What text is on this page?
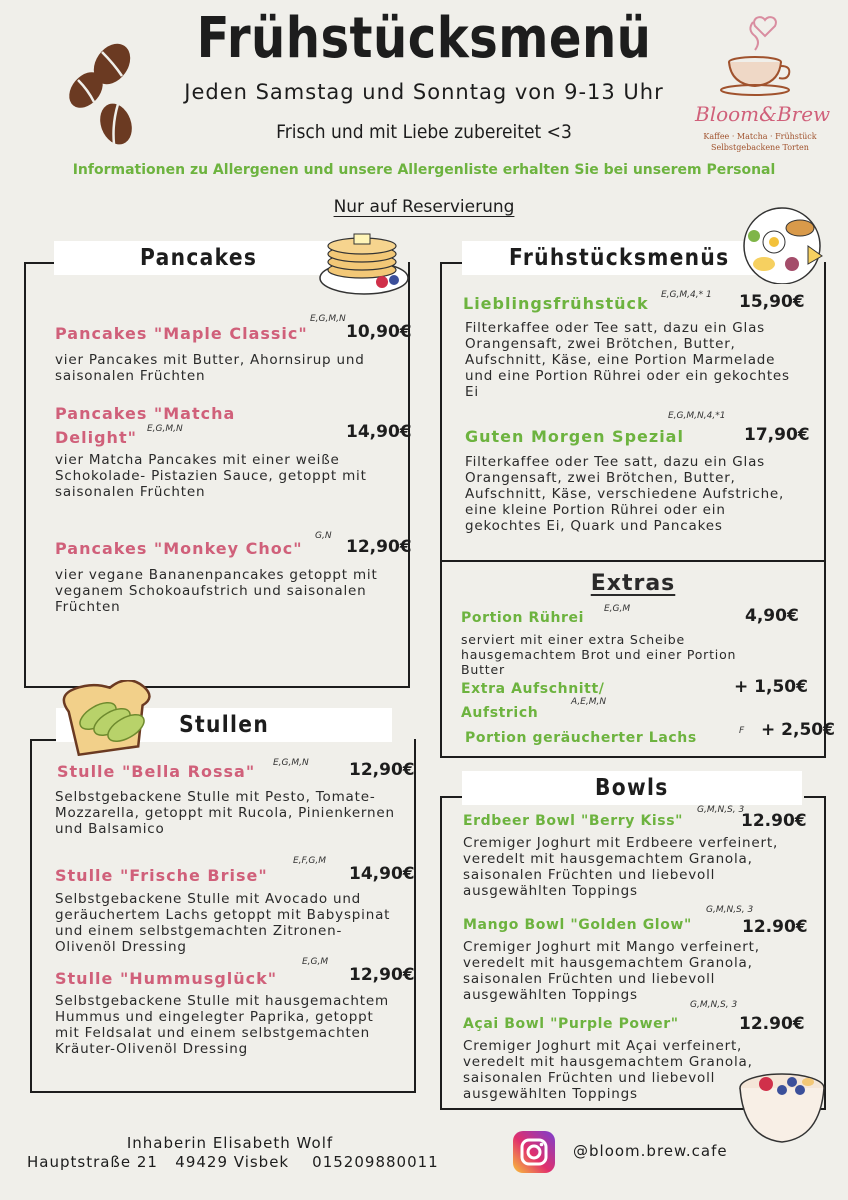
Frühstücksmenü
Jeden Samstag und Sonntag von 9-13 Uhr
Frisch und mit Liebe zubereitet <3
Informationen zu Allergenen und unsere Allergenliste erhalten Sie bei unserem Personal
Nur auf Reservierung
Bloom&Brew
Kaffee · Matcha · Frühstück
Selbstgebackene Torten
Pancakes
Pancakes "Maple Classic"
E,G,M,N
10,90€
vier Pancakes mit Butter, Ahornsirup und saisonalen Früchten
Pancakes "Matcha
Delight"	E,G,M,N	14,90€
vier Matcha Pancakes mit einer weiße Schokolade- Pistazien Sauce, getoppt mit saisonalen Früchten
Pancakes "Monkey Choc"
G,N
12,90€
vier vegane Bananenpancakes getoppt mit veganem Schokoaufstrich und saisonalen Früchten
Frühstücksmenüs
Lieblingsfrühstück	E,G,M,4,* 1 15,90€
Filterkaffee oder Tee satt, dazu ein Glas Orangensaft, zwei Brötchen, Butter, Aufschnitt, Käse, eine Portion Marmelade und eine Portion Rührei oder ein gekochtes Ei
Guten Morgen Spezial
E,G,M,N,4,*1
17,90€
Filterkaffee oder Tee satt, dazu ein Glas Orangensaft, zwei Brötchen, Butter, Aufschnitt, Käse, verschiedene Aufstriche, eine kleine Portion Rührei oder ein gekochtes Ei, Quark und Pancakes
Extras
Portion Rührei
E,G,M	4,90€
serviert mit einer extra Scheibe hausgemachtem Brot und einer Portion Butter
Extra Aufschnitt/
Aufstrich
A,E,M,N
+ 1,50€
Portion geräucherter Lachs	F + 2,50€
Stullen
Stulle "Bella Rossa"	E,G,M,N 12,90€
Selbstgebackene Stulle mit Pesto, Tomate- Mozzarella, getoppt mit Rucola, Pinienkernen und Balsamico
Stulle "Frische Brise"
E,F,G,M
14,90€
Selbstgebackene Stulle mit Avocado und geräuchertem Lachs getoppt mit Babyspinat und einem selbstgemachten Zitronen-Olivenöl Dressing
Stulle "Hummusglück"
E,G,M
12,90€
Selbstgebackene Stulle mit hausgemachtem Hummus und eingelegter Paprika, getoppt mit Feldsalat und einem selbstgemachten Kräuter-Olivenöl Dressing
Bowls
Erdbeer Bowl "Berry Kiss"
G,M,N,S, 3
12.90€
Cremiger Joghurt mit Erdbeere verfeinert, veredelt mit hausgemachtem Granola, saisonalen Früchten und liebevoll ausgewählten Toppings
Mango Bowl "Golden Glow"
G,M,N,S, 3
12.90€
Cremiger Joghurt mit Mango verfeinert, veredelt mit hausgemachtem Granola, saisonalen Früchten und liebevoll ausgewählten Toppings
Açai Bowl "Purple Power"
G,M,N,S, 3
12.90€
Cremiger Joghurt mit Açai verfeinert, veredelt mit hausgemachtem Granola, saisonalen Früchten und liebevoll ausgewählten Toppings
Inhaberin Elisabeth Wolf
Hauptstraße 21   49429 Visbek    015209880011
@bloom.brew.cafe
